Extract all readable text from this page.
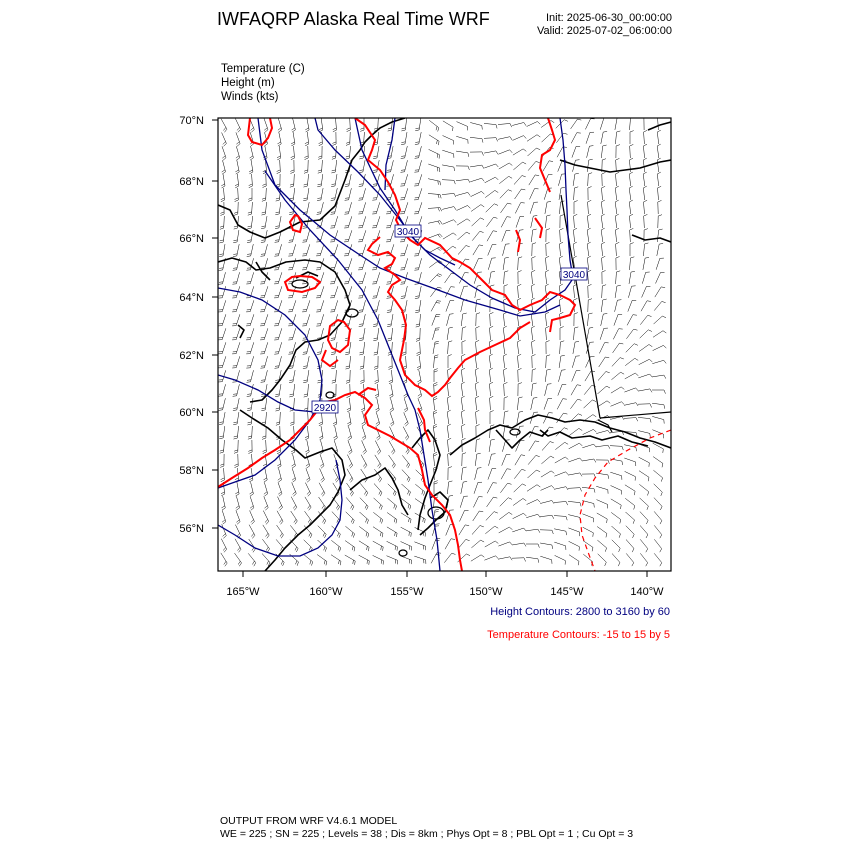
IWFAQRP Alaska Real Time WRF	Init: 2025-06-30_00:00:00
Valid: 2025-07-02_06:00:00
Temperature (C)
Height (m)
Winds (kts)
70°N
68°N
66°N
64°N
62°N
60°N
58°N
56°N
165°W	160°W	155°W	150°W	145°W	140°W
3040
3040
2920
Height Contours: 2800 to 3160 by 60
Temperature Contours: -15 to 15 by 5
OUTPUT FROM WRF V4.6.1 MODEL
WE = 225 ; SN = 225 ; Levels = 38 ; Dis = 8km ; Phys Opt = 8 ; PBL Opt = 1 ; Cu Opt = 3
